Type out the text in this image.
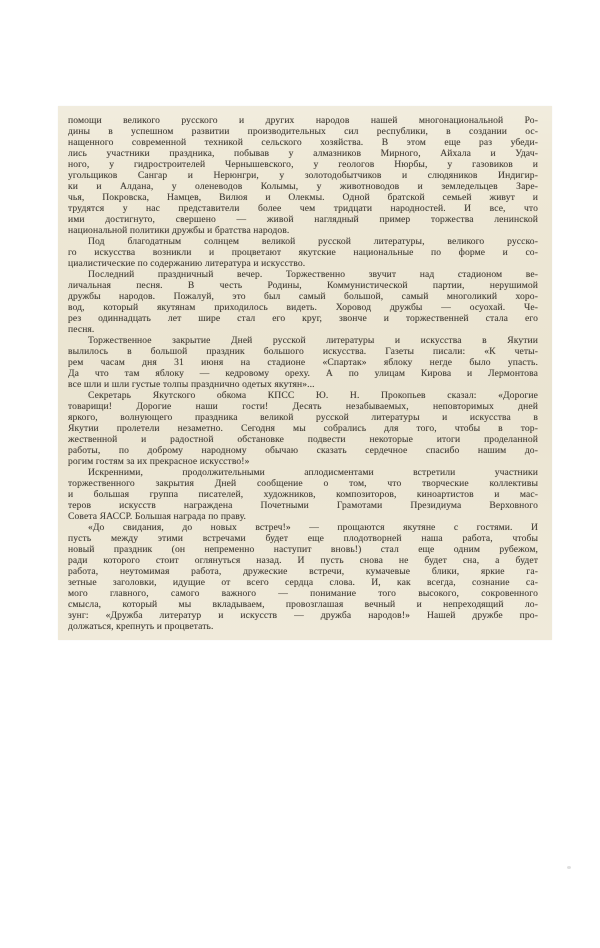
помощи великого русского и других народов нашей многонациональной Ро-
дины в успешном развитии производительных сил республики, в создании ос-
нащенного современной техникой сельского хозяйства. В этом еще раз убеди-
лись участники праздника, побывав у алмазников Мирного, Айхала и Удач-
ного, у гидростроителей Чернышевского, у геологов Нюрбы, у газовиков и
угольщиков Сангар и Нерюнгри, у золотодобытчиков и слюдяников Индигир-
ки и Алдана, у оленеводов Колымы, у животноводов и земледельцев Заре-
чья, Покровска, Намцев, Вилюя и Олекмы. Одной братской семьей живут и
трудятся у нас представители более чем тридцати народностей. И все, что
ими достигнуто, свершено — живой наглядный пример торжества ленинской
национальной политики дружбы и братства народов.
Под благодатным солнцем великой русской литературы, великого русско-
го искусства возникли и процветают якутские национальные по форме и со-
циалистические по содержанию литература и искусство.
Последний праздничный вечер. Торжественно звучит над стадионом ве-
личальная песня. В честь Родины, Коммунистической партии, нерушимой
дружбы народов. Пожалуй, это был самый большой, самый многоликий хоро-
вод, который якутянам приходилось видеть. Хоровод дружбы — осуохай. Че-
рез одиннадцать лет шире стал его круг, звонче и торжественней стала его
песня.
Торжественное закрытие Дней русской литературы и искусства в Якутии
вылилось в большой праздник большого искусства. Газеты писали: «К четы-
рем часам дня 31 июня на стадионе «Спартак» яблоку негде было упасть.
Да что там яблоку — кедровому ореху. А по улицам Кирова и Лермонтова
все шли и шли густые толпы празднично одетых якутян»...
Секретарь Якутского обкома КПСС Ю. Н. Прокопьев сказал: «Дорогие
товарищи! Дорогие наши гости! Десять незабываемых, неповторимых дней
яркого, волнующего праздника великой русской литературы и искусства в
Якутии пролетели незаметно. Сегодня мы собрались для того, чтобы в тор-
жественной и радостной обстановке подвести некоторые итоги проделанной
работы, по доброму народному обычаю сказать сердечное спасибо нашим до-
рогим гостям за их прекрасное искусство!»
Искренними, продолжительными аплодисментами встретили участники
торжественного закрытия Дней сообщение о том, что творческие коллективы
и большая группа писателей, художников, композиторов, киноартистов и мас-
теров искусств награждена Почетными Грамотами Президиума Верховного
Совета ЯАССР. Большая награда по праву.
«До свидания, до новых встреч!» — прощаются якутяне с гостями. И
пусть между этими встречами будет еще плодотворней наша работа, чтобы
новый праздник (он непременно наступит вновь!) стал еще одним рубежом,
ради которого стоит оглянуться назад. И пусть снова не будет сна, а будет
работа, неутомимая работа, дружеские встречи, кумачевые блики, яркие га-
зетные заголовки, идущие от всего сердца слова. И, как всегда, сознание са-
мого главного, самого важного — понимание того высокого, сокровенного
смысла, который мы вкладываем, провозглашая вечный и непреходящий ло-
зунг: «Дружба литератур и искусств — дружба народов!» Нашей дружбе про-
должаться, крепнуть и процветать.
